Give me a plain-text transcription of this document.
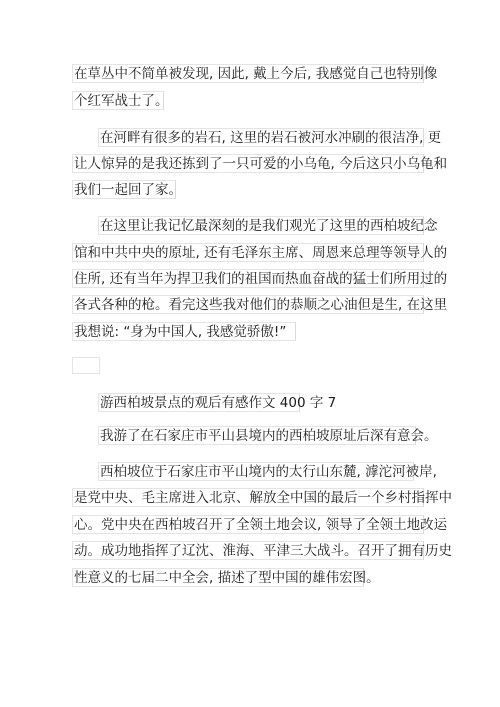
在草丛中不简单被发现, 因此, 戴上今后, 我感觉自己也特别像
个红军战士了。
在河畔有很多的岩石, 这里的岩石被河水冲刷的很洁净, 更
让人惊异的是我还拣到了一只可爱的小乌龟, 今后这只小乌龟和
我们一起回了家。
在这里让我记忆最深刻的是我们观光了这里的西柏坡纪念
馆和中共中央的原址, 还有毛泽东主席、周恩来总理等领导人的
住所, 还有当年为捍卫我们的祖国而热血奋战的猛士们所用过的
各式各种的枪。看完这些我对他们的恭顺之心油但是生, 在这里
我想说: “身为中国人, 我感觉骄傲!”
游西柏坡景点的观后有感作文 400 字 7
我游了在石家庄市平山县境内的西柏坡原址后深有意会。
西柏坡位于石家庄市平山境内的太行山东麓, 滹沱河被岸,
是党中央、毛主席进入北京、解放全中国的最后一个乡村指挥中
心。党中央在西柏坡召开了全领土地会议, 领导了全领土地改运
动。成功地指挥了辽沈、淮海、平津三大战斗。召开了拥有历史
性意义的七届二中全会, 描述了型中国的雄伟宏图。
